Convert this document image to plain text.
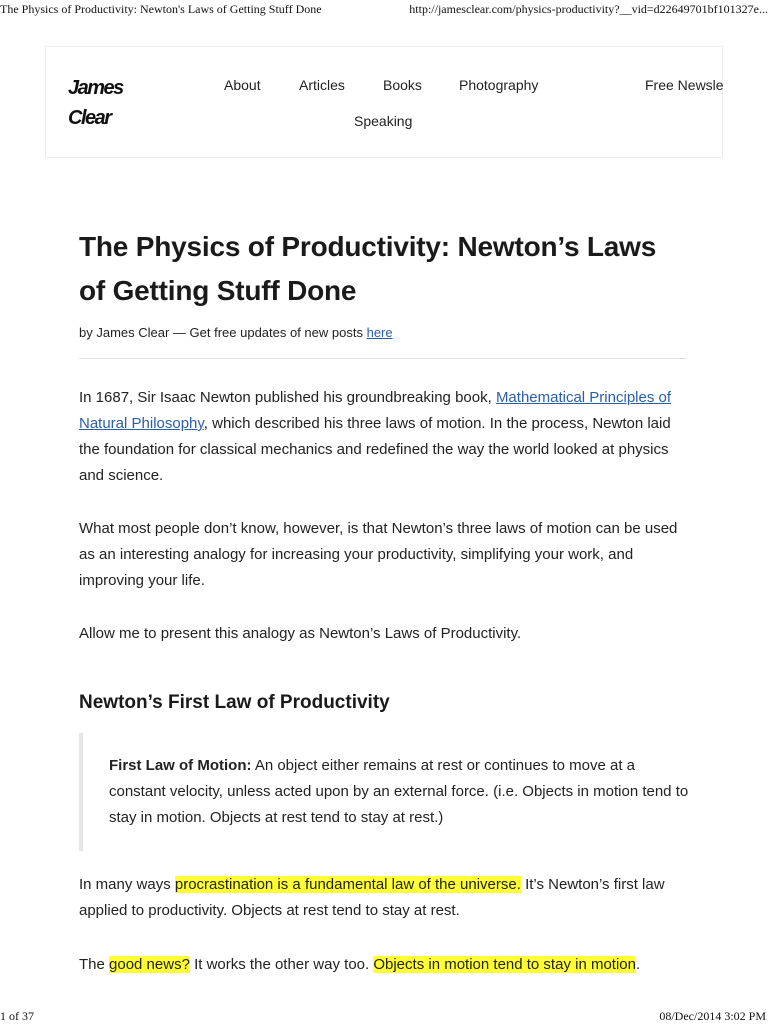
The Physics of Productivity: Newton's Laws of Getting Stuff Done	http://jamesclear.com/physics-productivity?__vid=d22649701bf101327e...
James
Clear
About	Articles	Books	Photography	Free Newsle
Speaking
The Physics of Productivity: Newton’s Laws of Getting Stuff Done
by James Clear — Get free updates of new posts here

In 1687, Sir Isaac Newton published his groundbreaking book, Mathematical Principles of Natural Philosophy, which described his three laws of motion. In the process, Newton laid the foundation for classical mechanics and redefined the way the world looked at physics and science.

What most people don’t know, however, is that Newton’s three laws of motion can be used as an interesting analogy for increasing your productivity, simplifying your work, and improving your life.

Allow me to present this analogy as Newton’s Laws of Productivity.

Newton’s First Law of Productivity

First Law of Motion: An object either remains at rest or continues to move at a constant velocity, unless acted upon by an external force. (i.e. Objects in motion tend to stay in motion. Objects at rest tend to stay at rest.)

In many ways procrastination is a fundamental law of the universe. It’s Newton’s first law applied to productivity. Objects at rest tend to stay at rest.

The good news? It works the other way too. Objects in motion tend to stay in motion.

1 of 37	08/Dec/2014 3:02 PM
